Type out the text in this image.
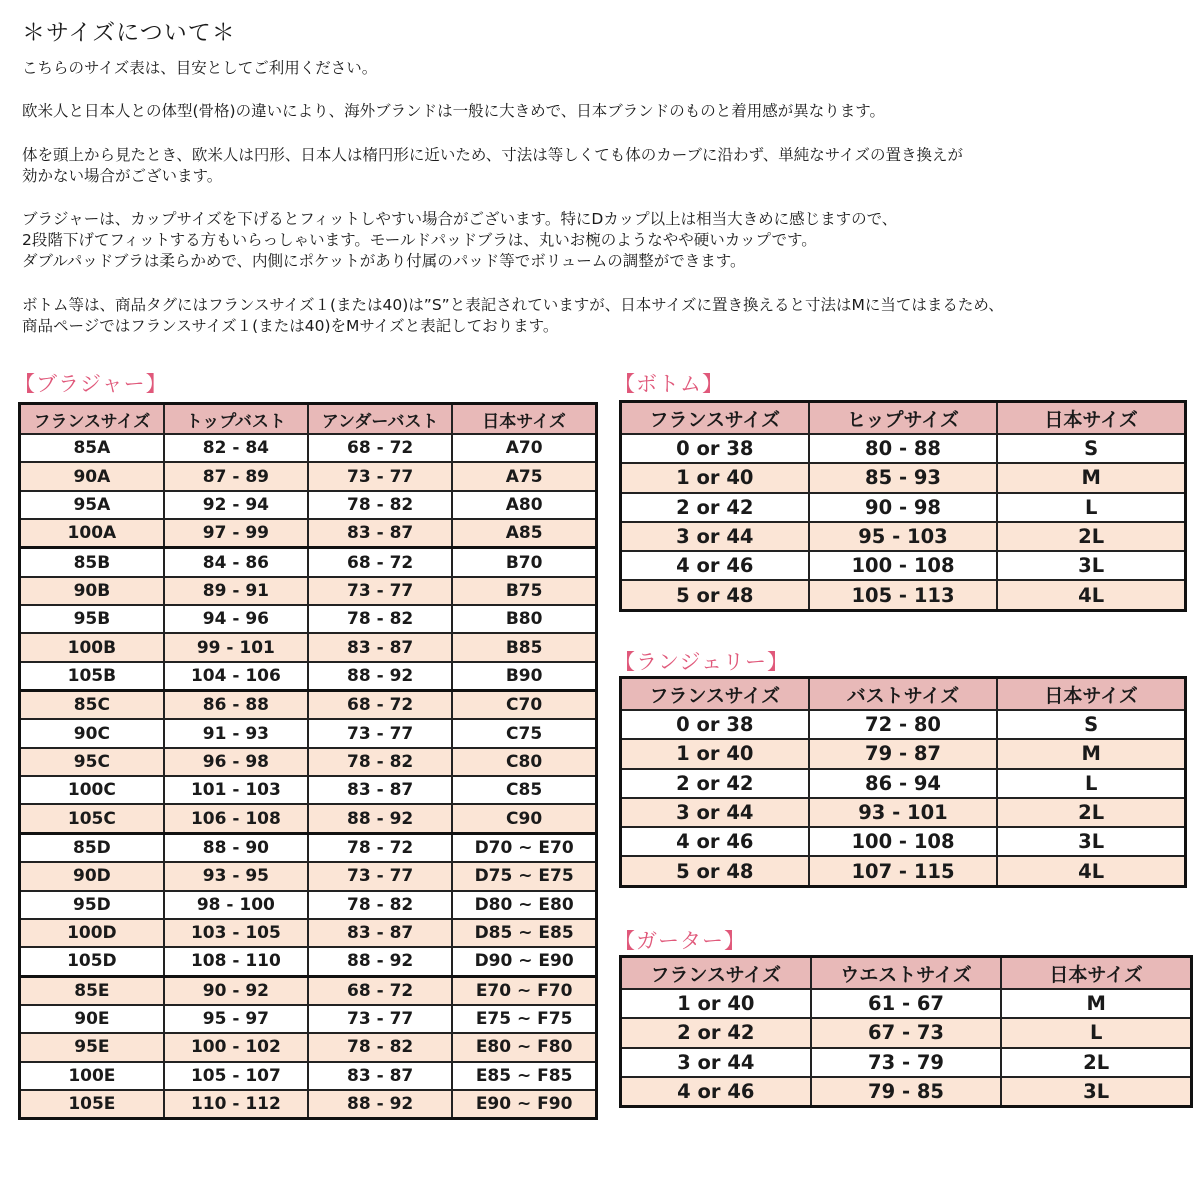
＊サイズについて＊
こちらのサイズ表は、目安としてご利用ください。
欧米人と日本人との体型(骨格)の違いにより、海外ブランドは一般に大きめで、日本ブランドのものと着用感が異なります。
体を頭上から見たとき、欧米人は円形、日本人は楕円形に近いため、寸法は等しくても体のカーブに沿わず、単純なサイズの置き換えが
効かない場合がございます。
ブラジャーは、カップサイズを下げるとフィットしやすい場合がございます。特にDカップ以上は相当大きめに感じますので、
2段階下げてフィットする方もいらっしゃいます。モールドパッドブラは、丸いお椀のようなやや硬いカップです。
ダブルパッドブラは柔らかめで、内側にポケットがあり付属のパッド等でボリュームの調整ができます。
ボトム等は、商品タグにはフランスサイズ１(または40)は”S”と表記されていますが、日本サイズに置き換えると寸法はMに当てはまるため、
商品ページではフランスサイズ１(または40)をMサイズと表記しております。
【ブラジャー】
フランスサイズ	トップバスト	アンダーバスト	日本サイズ
85A	82 - 84	68 - 72	A70
90A	87 - 89	73 - 77	A75
95A	92 - 94	78 - 82	A80
100A	97 - 99	83 - 87	A85
85B	84 - 86	68 - 72	B70
90B	89 - 91	73 - 77	B75
95B	94 - 96	78 - 82	B80
100B	99 - 101	83 - 87	B85
105B	104 - 106	88 - 92	B90
85C	86 - 88	68 - 72	C70
90C	91 - 93	73 - 77	C75
95C	96 - 98	78 - 82	C80
100C	101 - 103	83 - 87	C85
105C	106 - 108	88 - 92	C90
85D	88 - 90	78 - 72	D70 ~ E70
90D	93 - 95	73 - 77	D75 ~ E75
95D	98 - 100	78 - 82	D80 ~ E80
100D	103 - 105	83 - 87	D85 ~ E85
105D	108 - 110	88 - 92	D90 ~ E90
85E	90 - 92	68 - 72	E70 ~ F70
90E	95 - 97	73 - 77	E75 ~ F75
95E	100 - 102	78 - 82	E80 ~ F80
100E	105 - 107	83 - 87	E85 ~ F85
105E	110 - 112	88 - 92	E90 ~ F90
【ボトム】
フランスサイズ	ヒップサイズ	日本サイズ
0 or 38	80 - 88	S
1 or 40	85 - 93	M
2 or 42	90 - 98	L
3 or 44	95 - 103	2L
4 or 46	100 - 108	3L
5 or 48	105 - 113	4L
【ランジェリー】
フランスサイズ	バストサイズ	日本サイズ
0 or 38	72 - 80	S
1 or 40	79 - 87	M
2 or 42	86 - 94	L
3 or 44	93 - 101	2L
4 or 46	100 - 108	3L
5 or 48	107 - 115	4L
【ガーター】
フランスサイズ	ウエストサイズ	日本サイズ
1 or 40	61 - 67	M
2 or 42	67 - 73	L
3 or 44	73 - 79	2L
4 or 46	79 - 85	3L
